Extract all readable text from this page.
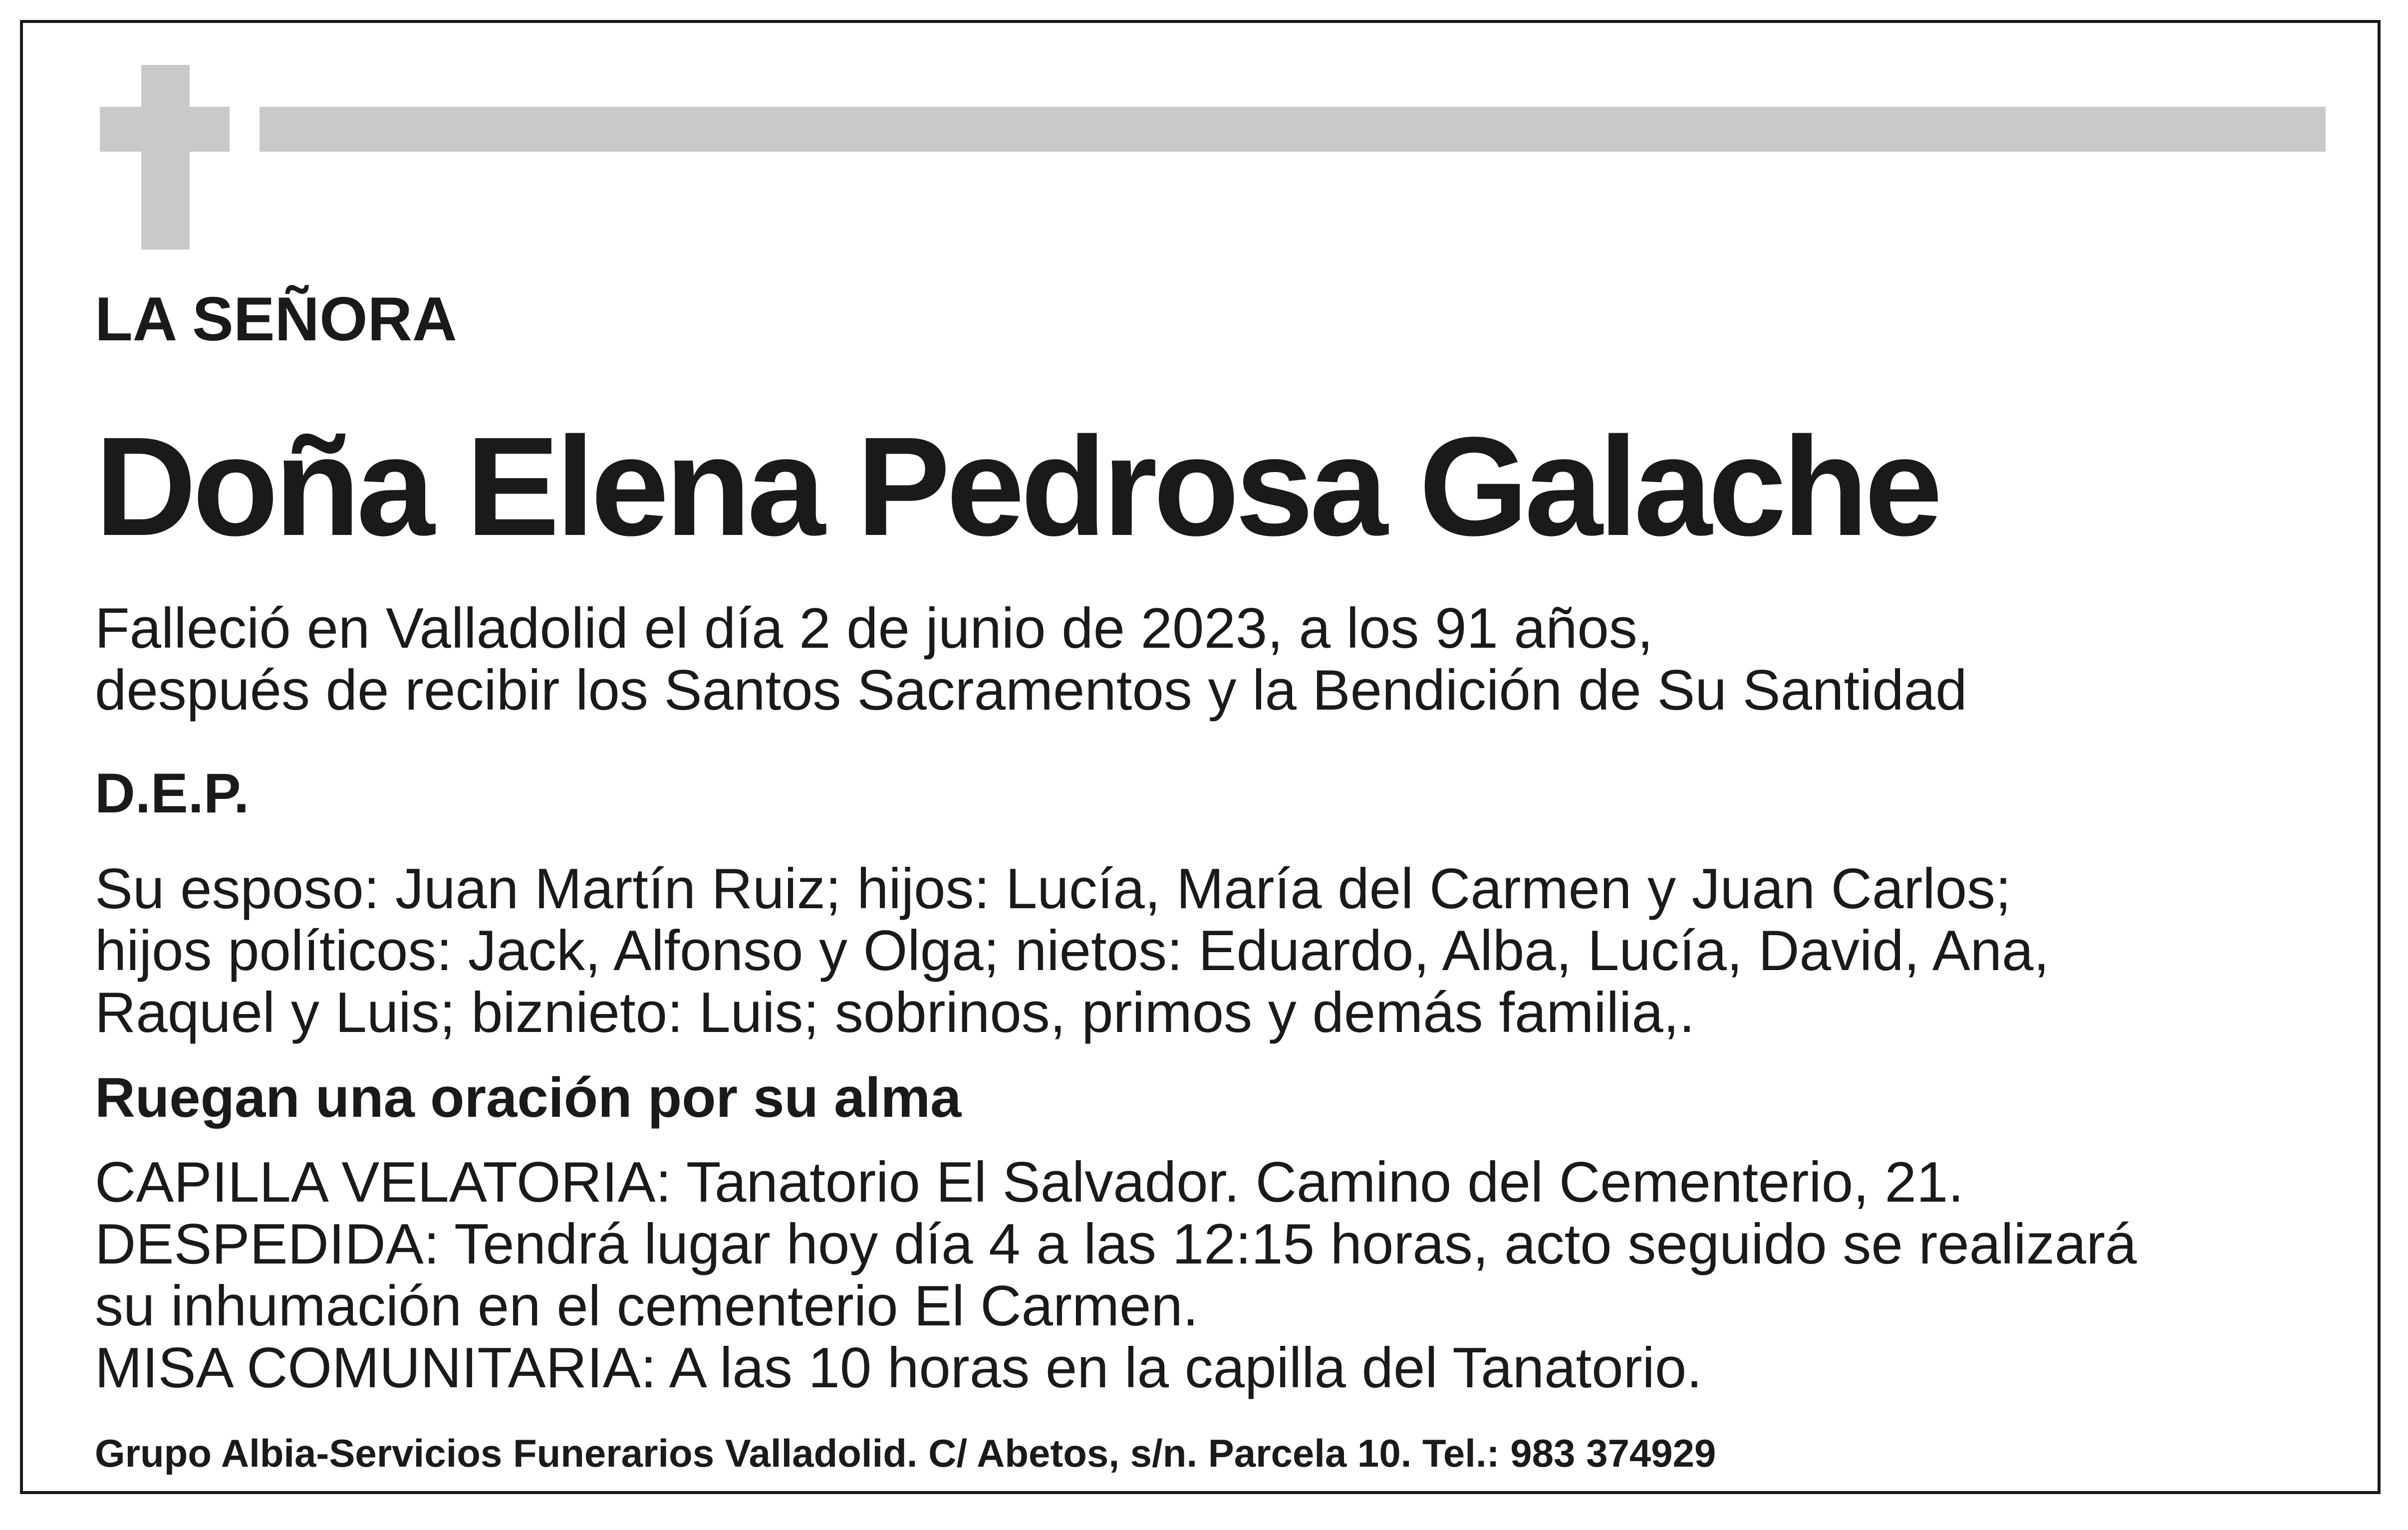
LA SEÑORA

Doña Elena Pedrosa Galache

Falleció en Valladolid el día 2 de junio de 2023, a los 91 años,

después de recibir los Santos Sacramentos y la Bendición de Su Santidad

D.E.P.

Su esposo: Juan Martín Ruiz; hijos: Lucía, María del Carmen y Juan Carlos;

hijos políticos: Jack, Alfonso y Olga; nietos: Eduardo, Alba, Lucía, David, Ana,

Raquel y Luis; biznieto: Luis; sobrinos, primos y demás familia,.

Ruegan una oración por su alma

CAPILLA VELATORIA: Tanatorio El Salvador. Camino del Cementerio, 21.

DESPEDIDA: Tendrá lugar hoy día 4 a las 12:15 horas, acto seguido se realizará

su inhumación en el cementerio El Carmen.

MISA COMUNITARIA: A las 10 horas en la capilla del Tanatorio.

Grupo Albia-Servicios Funerarios Valladolid. C/ Abetos, s/n. Parcela 10. Tel.: 983 374929
